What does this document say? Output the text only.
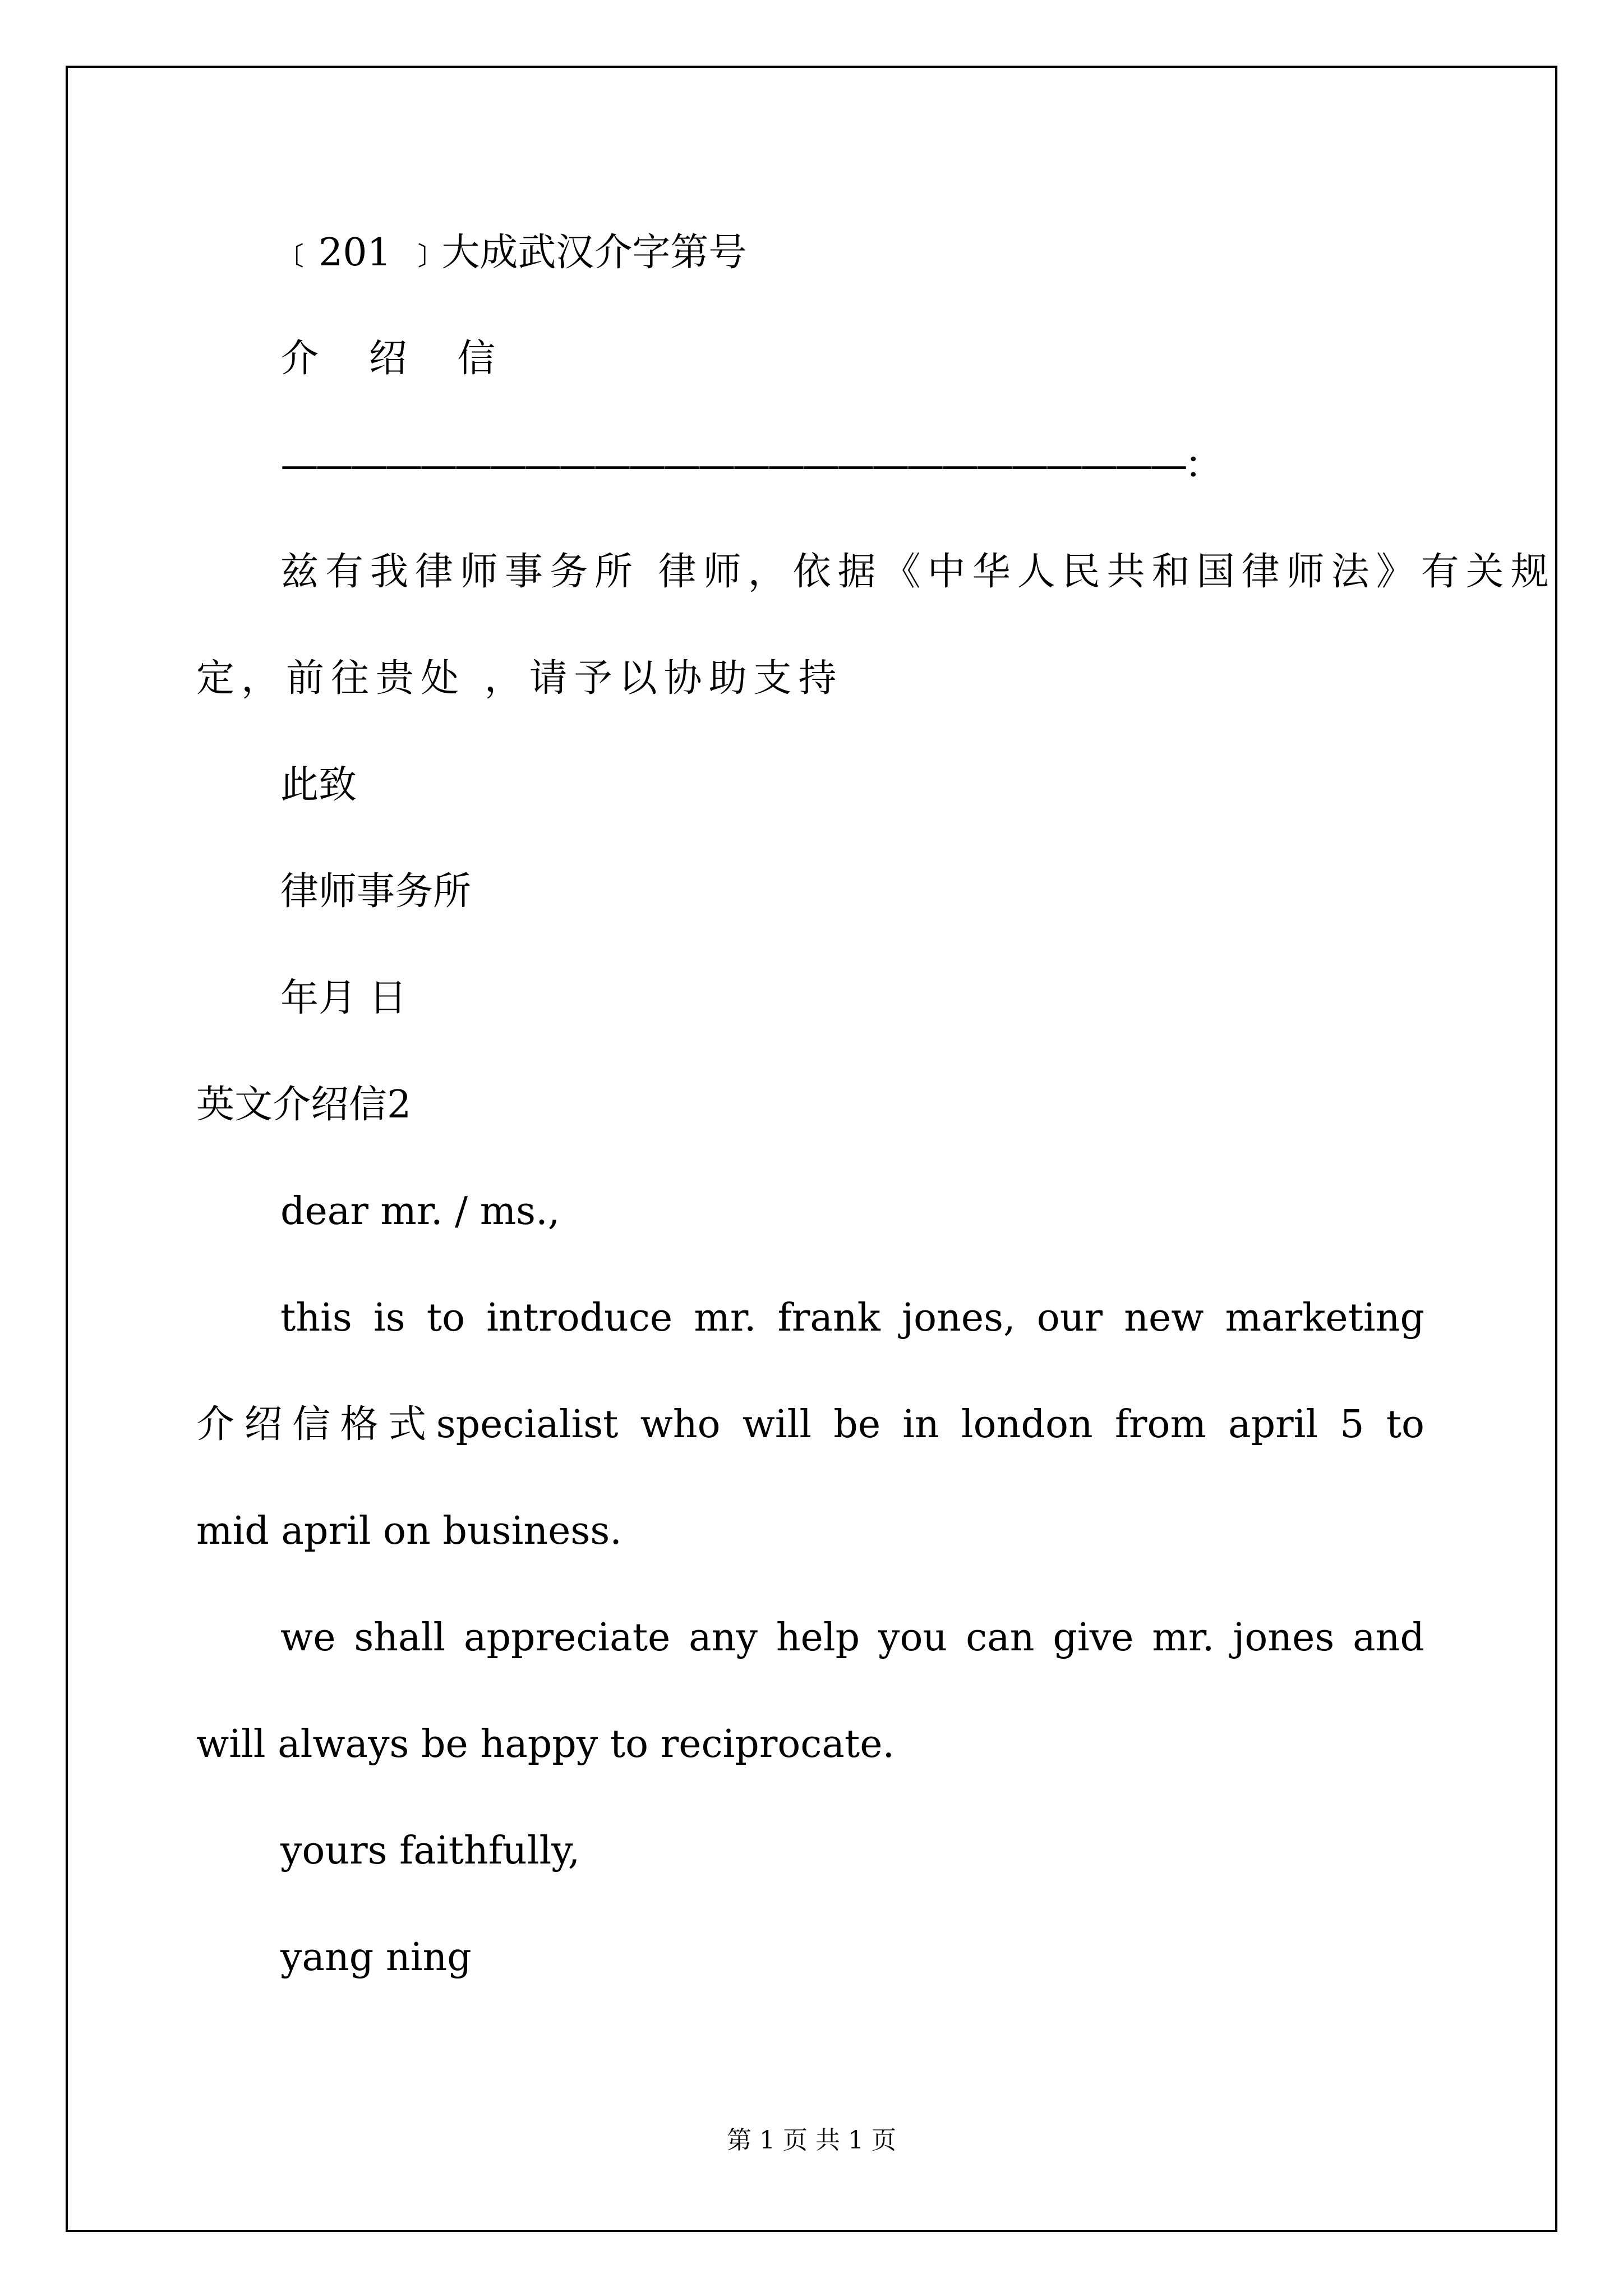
﹝201 ﹞大成武汉介字第号
介 绍 信
——————————————————————————：
兹有我律师事务所 律师，依据《中华人民共和国律师法》有关规
定，前往贵处 ，请予以协助支持
此致
律师事务所
年月 日
英文介绍信2
dear mr. / ms.,
this is to introduce mr. frank jones, our new marketing
介绍信格式specialist who will be in london from april 5 to
mid april on business.
we shall appreciate any help you can give mr. jones and
will always be happy to reciprocate.
yours faithfully,
yang ning
第 1 页 共 1 页
